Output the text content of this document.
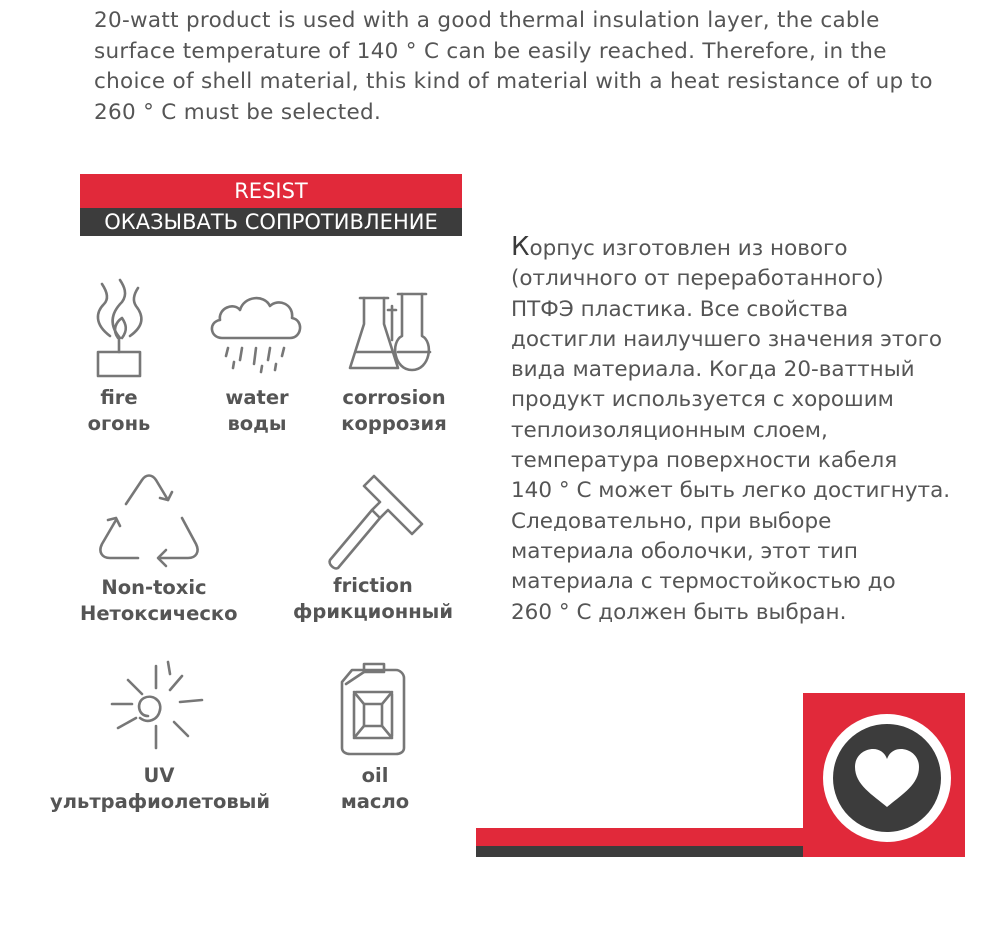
20-watt product is used with a good thermal insulation layer, the cable
surface temperature of 140 ° C can be easily reached. Therefore, in the
choice of shell material, this kind of material with a heat resistance of up to
260 ° C must be selected.
RESIST
ОКАЗЫВАТЬ СОПРОТИВЛЕНИЕ
fire
огонь
water
воды
corrosion
коррозия
Non-toxic
Нетоксическо
friction
фрикционный
UV
ультрафиолетовый
oil
масло
Корпус изготовлен из нового
(отличного от переработанного)
ПТФЭ пластика. Все свойства
достигли наилучшего значения этого
вида материала. Когда 20-ваттный
продукт используется с хорошим
теплоизоляционным слоем,
температура поверхности кабеля
140 ° C может быть легко достигнута.
Следовательно, при выборе
материала оболочки, этот тип
материала с термостойкостью до
260 ° C должен быть выбран.
